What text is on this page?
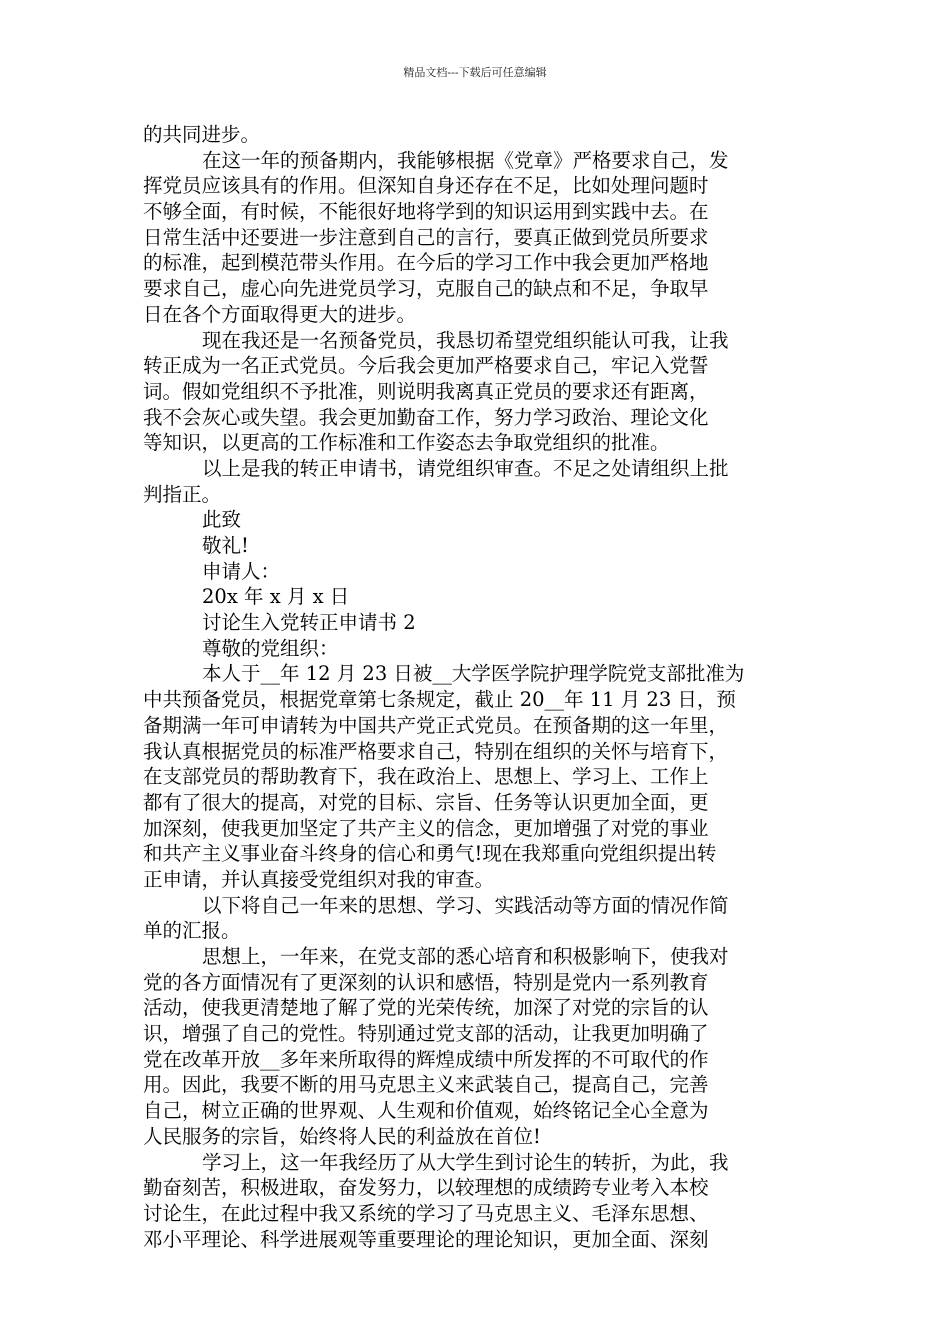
精品文档---下载后可任意编辑
的共同进步。
在这一年的预备期内，我能够根据《党章》严格要求自己，发
挥党员应该具有的作用。但深知自身还存在不足，比如处理问题时
不够全面，有时候，不能很好地将学到的知识运用到实践中去。在
日常生活中还要进一步注意到自己的言行，要真正做到党员所要求
的标准，起到模范带头作用。在今后的学习工作中我会更加严格地
要求自己，虚心向先进党员学习，克服自己的缺点和不足，争取早
日在各个方面取得更大的进步。
现在我还是一名预备党员，我恳切希望党组织能认可我，让我
转正成为一名正式党员。今后我会更加严格要求自己，牢记入党誓
词。假如党组织不予批准，则说明我离真正党员的要求还有距离，
我不会灰心或失望。我会更加勤奋工作，努力学习政治、理论文化
等知识，以更高的工作标准和工作姿态去争取党组织的批准。
以上是我的转正申请书，请党组织审查。不足之处请组织上批
判指正。
此致
敬礼!
申请人：
20x 年 x 月 x 日
讨论生入党转正申请书 2
尊敬的党组织：
本人于__年 12 月 23 日被__大学医学院护理学院党支部批准为
中共预备党员，根据党章第七条规定，截止 20__年 11 月 23 日，预
备期满一年可申请转为中国共产党正式党员。在预备期的这一年里，
我认真根据党员的标准严格要求自己，特别在组织的关怀与培育下，
在支部党员的帮助教育下，我在政治上、思想上、学习上、工作上
都有了很大的提高，对党的目标、宗旨、任务等认识更加全面，更
加深刻，使我更加坚定了共产主义的信念，更加增强了对党的事业
和共产主义事业奋斗终身的信心和勇气!现在我郑重向党组织提出转
正申请，并认真接受党组织对我的审查。
以下将自己一年来的思想、学习、实践活动等方面的情况作简
单的汇报。
思想上，一年来，在党支部的悉心培育和积极影响下，使我对
党的各方面情况有了更深刻的认识和感悟，特别是党内一系列教育
活动，使我更清楚地了解了党的光荣传统，加深了对党的宗旨的认
识，增强了自己的党性。特别通过党支部的活动，让我更加明确了
党在改革开放__多年来所取得的辉煌成绩中所发挥的不可取代的作
用。因此，我要不断的用马克思主义来武装自己，提高自己，完善
自己，树立正确的世界观、人生观和价值观，始终铭记全心全意为
人民服务的宗旨，始终将人民的利益放在首位!
学习上，这一年我经历了从大学生到讨论生的转折，为此，我
勤奋刻苦，积极进取，奋发努力，以较理想的成绩跨专业考入本校
讨论生，在此过程中我又系统的学习了马克思主义、毛泽东思想、
邓小平理论、科学进展观等重要理论的理论知识，更加全面、深刻
